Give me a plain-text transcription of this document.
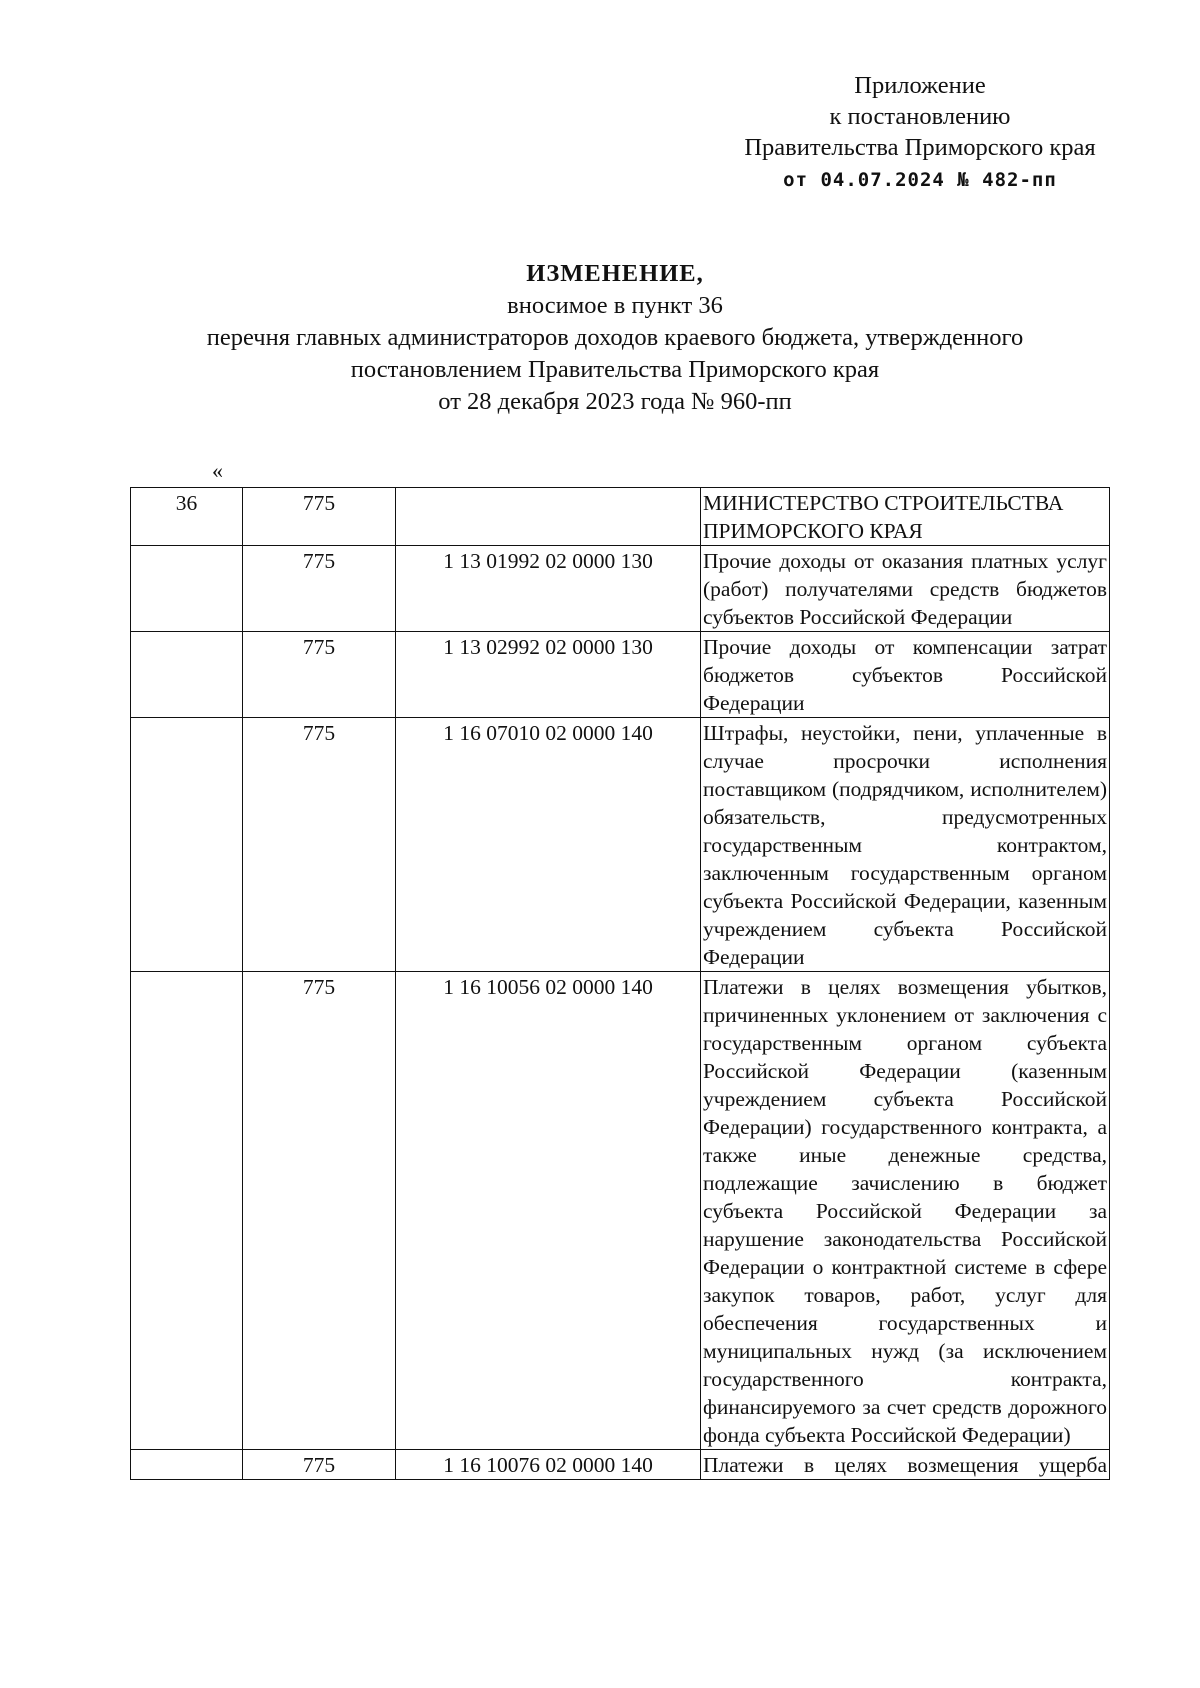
Приложение
к постановлению
Правительства Приморского края
от 04.07.2024 № 482-пп
ИЗМЕНЕНИЕ,
вносимое в пункт 36
перечня главных администраторов доходов краевого бюджета, утвержденного
постановлением Правительства Приморского края
от 28 декабря 2023 года № 960-пп
«
36	775		МИНИСТЕРСТВО СТРОИТЕЛЬСТВА ПРИМОРСКОГО КРАЯ
	775	1 13 01992 02 0000 130	Прочие доходы от оказания платных услуг (работ) получателями средств бюджетов субъектов Российской Федерации
	775	1 13 02992 02 0000 130	Прочие доходы от компенсации затрат бюджетов субъектов Российской Федерации
	775	1 16 07010 02 0000 140	Штрафы, неустойки, пени, уплаченные в случае просрочки исполнения поставщиком (подрядчиком, исполнителем) обязательств, предусмотренных государственным контрактом, заключенным государственным органом субъекта Российской Федерации, казенным учреждением субъекта Российской Федерации
	775	1 16 10056 02 0000 140	Платежи в целях возмещения убытков, причиненных уклонением от заключения с государственным органом субъекта Российской Федерации (казенным учреждением субъекта Российской Федерации) государственного контракта, а также иные денежные средства, подлежащие зачислению в бюджет субъекта Российской Федерации за нарушение законодательства Российской Федерации о контрактной системе в сфере закупок товаров, работ, услуг для обеспечения государственных и муниципальных нужд (за исключением государственного контракта, финансируемого за счет средств дорожного фонда субъекта Российской Федерации)
	775	1 16 10076 02 0000 140	Платежи в целях возмещения ущерба
